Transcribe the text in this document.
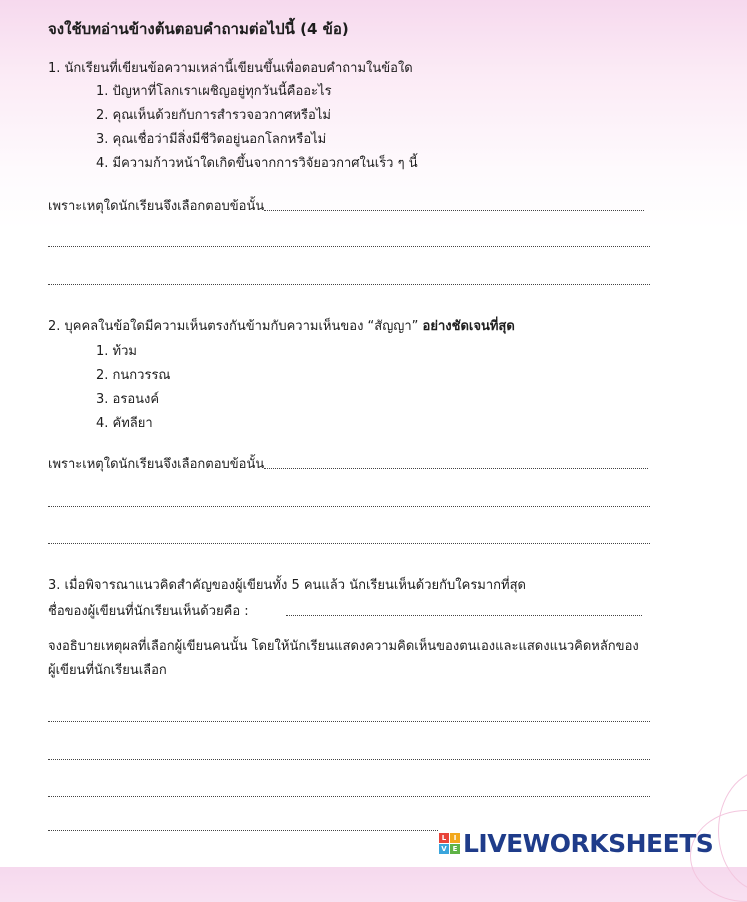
จงใช้บทอ่านข้างต้นตอบคำถามต่อไปนี้ (4 ข้อ)
1. นักเรียนที่เขียนข้อความเหล่านี้เขียนขึ้นเพื่อตอบคำถามในข้อใด
1. ปัญหาที่โลกเราเผชิญอยู่ทุกวันนี้คืออะไร
2. คุณเห็นด้วยกับการสำรวจอวกาศหรือไม่
3. คุณเชื่อว่ามีสิ่งมีชีวิตอยู่นอกโลกหรือไม่
4. มีความก้าวหน้าใดเกิดขึ้นจากการวิจัยอวกาศในเร็ว ๆ นี้
เพราะเหตุใดนักเรียนจึงเลือกตอบข้อนั้น
2. บุคคลในข้อใดมีความเห็นตรงกันข้ามกับความเห็นของ “สัญญา” อย่างชัดเจนที่สุด
1. ท้วม
2. กนกวรรณ
3. อรอนงค์
4. คัทลียา
เพราะเหตุใดนักเรียนจึงเลือกตอบข้อนั้น
3. เมื่อพิจารณาแนวคิดสำคัญของผู้เขียนทั้ง 5 คนแล้ว นักเรียนเห็นด้วยกับใครมากที่สุด
ชื่อของผู้เขียนที่นักเรียนเห็นด้วยคือ :
จงอธิบายเหตุผลที่เลือกผู้เขียนคนนั้น โดยให้นักเรียนแสดงความคิดเห็นของตนเองและแสดงแนวคิดหลักของ
ผู้เขียนที่นักเรียนเลือก
L	I
V E LIVEWORKSHEETS
